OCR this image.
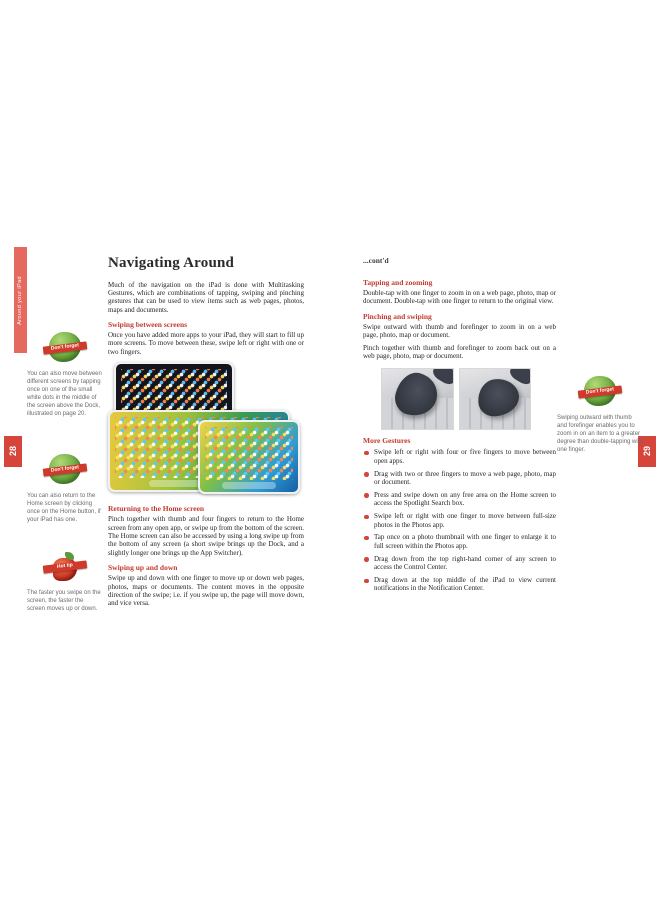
Around your iPad
28	29
Don't forget

You can also move between different screens by tapping once on one of the small white dots in the middle of the screen above the Dock, illustrated on page 20.

Don't forget

You can also return to the Home screen by clicking once on the Home button, if your iPad has one.

Hot tip

The faster you swipe on the screen, the faster the screen moves up or down.

Navigating Around

Much of the navigation on the iPad is done with Multitasking Gestures, which are combinations of tapping, swiping and pinching gestures that can be used to view items such as web pages, photos, maps and documents.

Swiping between screens

Once you have added more apps to your iPad, they will start to fill up more screens. To move between these, swipe left or right with one or two fingers.

Returning to the Home screen

Pinch together with thumb and four fingers to return to the Home screen from any open app, or swipe up from the bottom of the screen. The Home screen can also be accessed by using a long swipe up from the bottom of any screen (a short swipe brings up the Dock, and a slightly longer one brings up the App Switcher).

Swiping up and down

Swipe up and down with one finger to move up or down web pages, photos, maps or documents. The content moves in the opposite direction of the swipe; i.e. if you swipe up, the page will move down, and vice versa.

...cont'd
Tapping and zooming

Double-tap with one finger to zoom in on a web page, photo, map or document. Double-tap with one finger to return to the original view.

Pinching and swiping

Swipe outward with thumb and forefinger to zoom in on a web page, photo, map or document.

Pinch together with thumb and forefinger to zoom back out on a web page, photo, map or document.

More Gestures
Swipe left or right with four or five fingers to move between open apps.
Drag with two or three fingers to move a web page, photo, map or document.
Press and swipe down on any free area on the Home screen to access the Spotlight Search box.
Swipe left or right with one finger to move between full-size photos in the Photos app.
Tap once on a photo thumbnail with one finger to enlarge it to full screen within the Photos app.
Drag down from the top right-hand corner of any screen to access the Control Center.
Drag down at the top middle of the iPad to view current notifications in the Notification Center.
Don't forget

Swiping outward with thumb and forefinger enables you to zoom in on an item to a greater degree than double-tapping with one finger.
